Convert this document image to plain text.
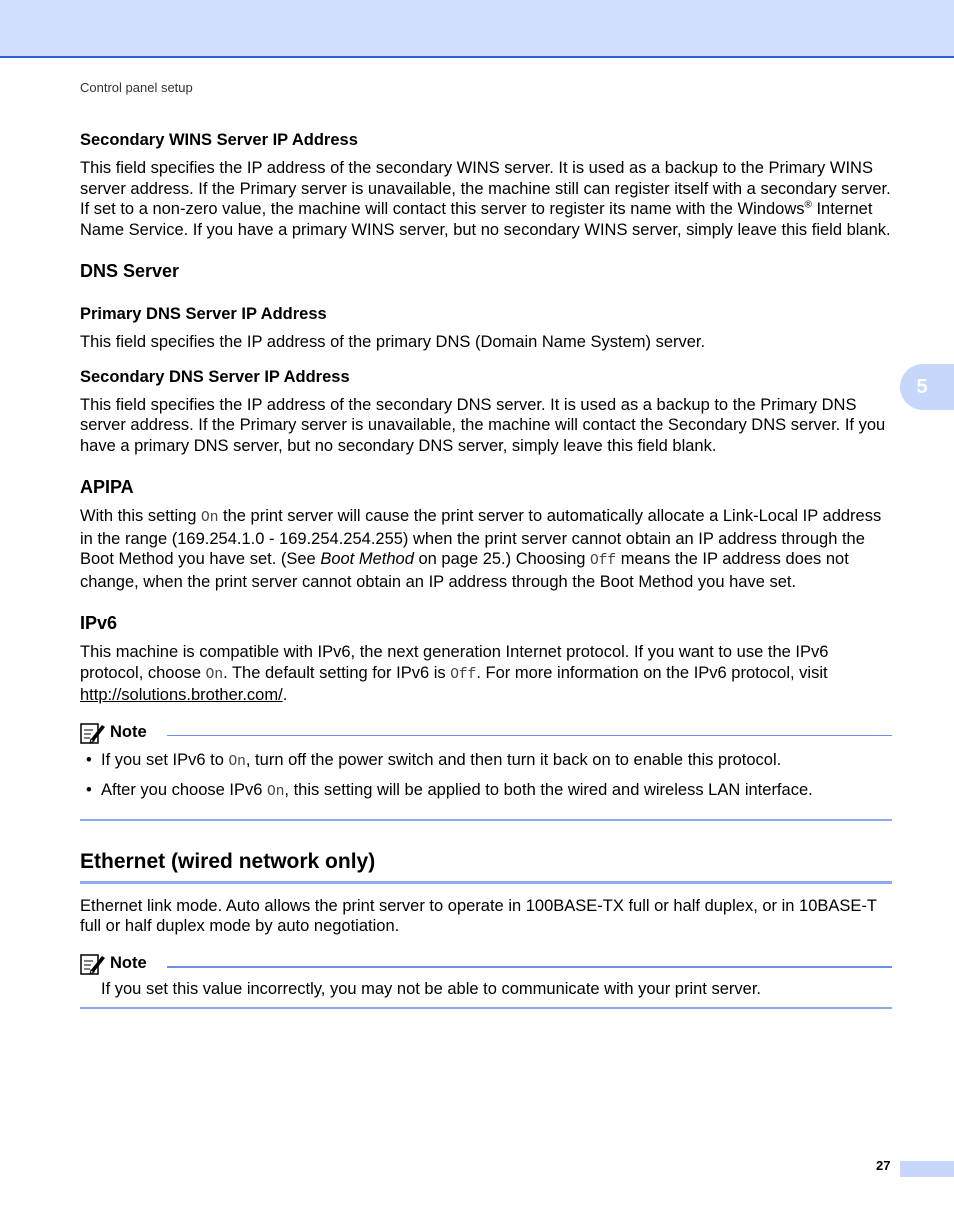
Control panel setup
5
Secondary WINS Server IP Address

This field specifies the IP address of the secondary WINS server. It is used as a backup to the Primary WINS server address. If the Primary server is unavailable, the machine still can register itself with a secondary server. If set to a non-zero value, the machine will contact this server to register its name with the Windows® Internet Name Service. If you have a primary WINS server, but no secondary WINS server, simply leave this field blank.

DNS Server
Primary DNS Server IP Address

This field specifies the IP address of the primary DNS (Domain Name System) server.

Secondary DNS Server IP Address

This field specifies the IP address of the secondary DNS server. It is used as a backup to the Primary DNS server address. If the Primary server is unavailable, the machine will contact the Secondary DNS server. If you have a primary DNS server, but no secondary DNS server, simply leave this field blank.

APIPA

With this setting On the print server will cause the print server to automatically allocate a Link-Local IP address in the range (169.254.1.0 - 169.254.254.255) when the print server cannot obtain an IP address through the Boot Method you have set. (See Boot Method on page 25.) Choosing Off means the IP address does not change, when the print server cannot obtain an IP address through the Boot Method you have set.

IPv6

This machine is compatible with IPv6, the next generation Internet protocol. If you want to use the IPv6 protocol, choose On. The default setting for IPv6 is Off. For more information on the IPv6 protocol, visit http://solutions.brother.com/.

Note
• If you set IPv6 to On, turn off the power switch and then turn it back on to enable this protocol.
• After you choose IPv6 On, this setting will be applied to both the wired and wireless LAN interface.
Ethernet (wired network only)

Ethernet link mode. Auto allows the print server to operate in 100BASE-TX full or half duplex, or in 10BASE-T full or half duplex mode by auto negotiation.

Note

If you set this value incorrectly, you may not be able to communicate with your print server.

27
